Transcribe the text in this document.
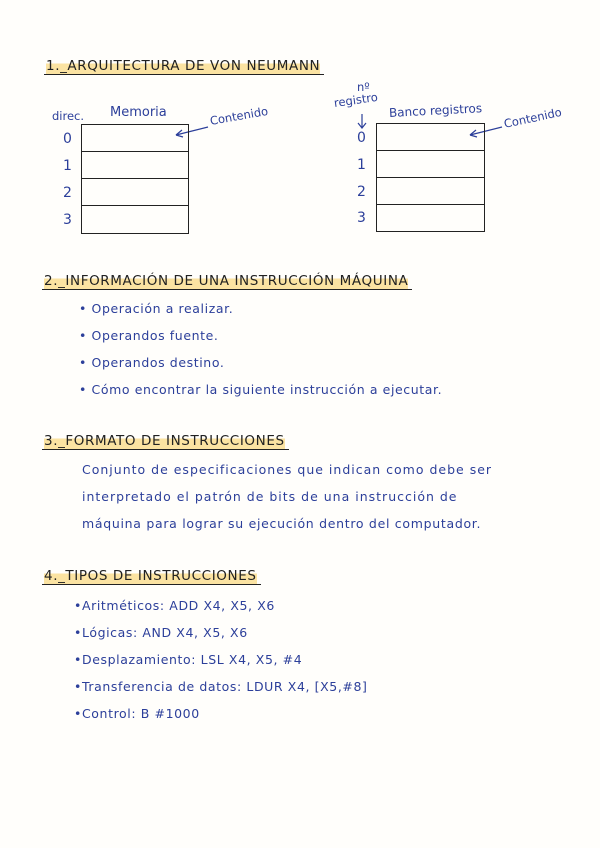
1._ARQUITECTURA DE VON NEUMANN
direc. Memoria	Contenido
0
1
2
3
nº
registro
Banco registros Contenido
0
1
2
3
2._INFORMACIÓN DE UNA INSTRUCCIÓN MÁQUINA
• Operación a realizar.
• Operandos fuente.
• Operandos destino.
• Cómo encontrar la siguiente instrucción a ejecutar.
3._FORMATO DE INSTRUCCIONES
Conjunto de especificaciones que indican como debe ser
interpretado el patrón de bits de una instrucción de
máquina para lograr su ejecución dentro del computador.
4._TIPOS DE INSTRUCCIONES
•Aritméticos: ADD X4, X5, X6
•Lógicas: AND X4, X5, X6
•Desplazamiento: LSL X4, X5, #4
•Transferencia de datos: LDUR X4, [X5,#8]
•Control: B #1000
